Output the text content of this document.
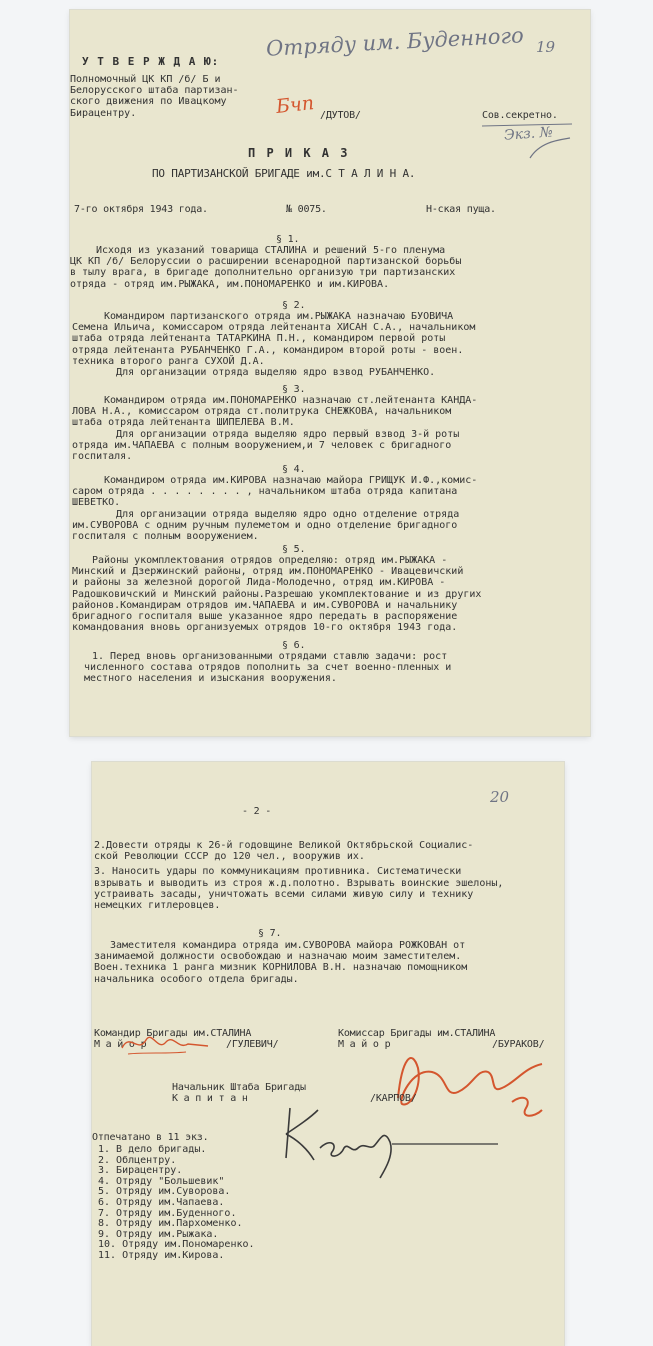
Отряду им. Буденного 19
У Т В Е Р Ж Д А Ю:
Полномочный ЦК КП /б/ Б и
Белорусского штаба партизан-
ского движения по Ивацкому
Бирацентру.	Бчп /ДУТОВ/	Сов.секретно.
Экз. №
П Р И К А З
ПО ПАРТИЗАНСКОЙ БРИГАДЕ им.С Т А Л И Н А.
7-го октября 1943 года.	№ 0075.	Н-ская пуща.
§ 1.
Исходя из указаний товарища СТАЛИНА и решений 5-го пленума
ЦК КП /б/ Белоруссии о расширении всенародной партизанской борьбы
в тылу врага, в бригаде дополнительно организую три партизанских
отряда - отряд им.РЫЖАКА, им.ПОНОМАРЕНКО и им.КИРОВА.
§ 2.
Командиром партизанского отряда им.РЫЖАКА назначаю БУОВИЧА
Семена Ильича, комиссаром отряда лейтенанта ХИСАН С.А., начальником
штаба отряда лейтенанта ТАТАРКИНА П.Н., командиром первой роты
отряда лейтенанта РУБАНЧЕНКО Г.А., командиром второй роты - воен.
техника второго ранга СУХОЙ Д.А.
Для организации отряда выделяю ядро взвод РУБАНЧЕНКО.
§ 3.
Командиром отряда им.ПОНОМАРЕНКО назначаю ст.лейтенанта КАНДА-
ЛОВА Н.А., комиссаром отряда ст.политрука СНЕЖКОВА, начальником
штаба отряда лейтенанта ШИПЕЛЕВА В.М.
Для организации отряда выделяю ядро первый взвод 3-й роты
отряда им.ЧАПАЕВА с полным вооружением,и 7 человек с бригадного
госпиталя.
§ 4.
Командиром отряда им.КИРОВА назначаю майора ГРИЩУК И.Ф.,комис-
саром отряда . . . . . . . . , начальником штаба отряда капитана
ШЕВЕТКО.
Для организации отряда выделяю ядро одно отделение отряда
им.СУВОРОВА с одним ручным пулеметом и одно отделение бригадного
госпиталя с полным вооружением.
§ 5.
Районы укомплектования отрядов определяю: отряд им.РЫЖАКА -
Минский и Дзержинский районы, отряд им.ПОНОМАРЕНКО - Ивацевичский
и районы за железной дорогой Лида-Молодечно, отряд им.КИРОВА -
Радошковичский и Минский районы.Разрешаю укомплектование и из других
районов.Командирам отрядов им.ЧАПАЕВА и им.СУВОРОВА и начальнику
бригадного госпиталя выше указанное ядро передать в распоряжение
командования вновь организуемых отрядов 10-го октября 1943 года.
§ 6.
1. Перед вновь организованными отрядами ставлю задачи: рост
численного состава отрядов пополнить за счет военно-пленных и
местного населения и изыскания вооружения.
- 2 -
20
2.Довести отряды к 26-й годовщине Великой Октябрьской Социалис-
ской Революции СССР до 120 чел., вооружив их.
3. Наносить удары по коммуникациям противника. Систематически
взрывать и выводить из строя ж.д.полотно. Взрывать воинские эшелоны,
устраивать засады, уничтожать всеми силами живую силу и технику
немецких гитлеровцев.
§ 7.
Заместителя командира отряда им.СУВОРОВА майора РОЖКОВАН от
занимаемой должности освобождаю и назначаю моим заместителем.
Воен.техника 1 ранга мизник КОРНИЛОВА В.Н. назначаю помощником
начальника особого отдела бригады.
Командир Бригады им.СТАЛИНА
М а й о р	/ГУЛЕВИЧ/
Комиссар Бригады им.СТАЛИНА
М а й о р	/БУРАКОВ/
Начальник Штаба Бригады
К а п и т а н	/КАРПОВ/
Отпечатано в 11 экз.
1. В дело бригады.
2. Облцентру.
3. Бирацентру.
4. Отряду "Большевик"
5. Отряду им.Суворова.
6. Отряду им.Чапаева.
7. Отряду им.Буденного.
8. Отряду им.Пархоменко.
9. Отряду им.Рыжака.
10. Отряду им.Пономаренко.
11. Отряду им.Кирова.
